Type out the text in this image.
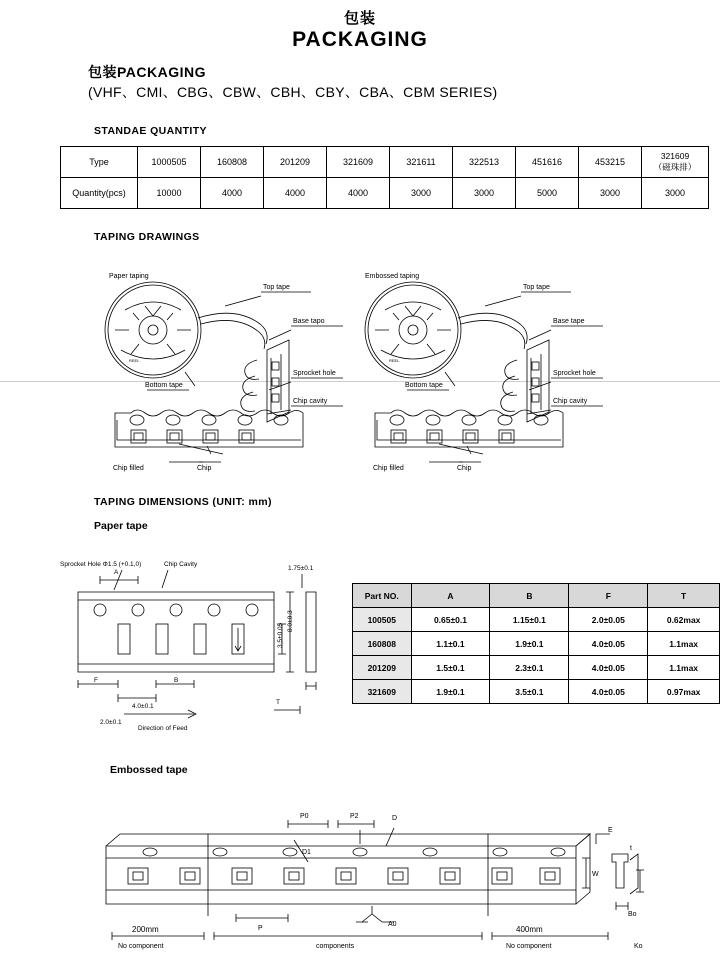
包装
PACKAGING
包装PACKAGING
(VHF、CMI、CBG、CBW、CBH、CBY、CBA、CBM SERIES)
STANDAE QUANTITY
Type	1000505	160808	201209	321609	321611	322513	451616	453215	321609
（磁珠排）

Quantity(pcs)	10000	4000	4000	4000	3000	3000	5000	3000	3000
TAPING DRAWINGS
Paper taping
Top tape
Base tapo
Sprocket hole
Chip cavity
Bottom tape
Chip filled	Chip
REEL
Embossed taping
Top tape
Base tape
Sprocket hole
Chip cavity
Bottom tape
Chip filled	Chip
REEL
TAPING DIMENSIONS (UNIT: mm)
Paper tape
Sprocket Hole Φ1.5 (+0.1,0)	Chip Cavity
1.75±0.1
A
8.0±0.3
3.5±0.05
F
4.0±0.1
2.0±0.1
B
T
Direction of Feed
Part NO.	A	B	F	T
100505	0.65±0.1	1.15±0.1	2.0±0.05	0.62max
160808	1.1±0.1	1.9±0.1	4.0±0.05	1.1max
201209	1.5±0.1	2.3±0.1	4.0±0.05	1.1max
321609	1.9±0.1	3.5±0.1	4.0±0.05	0.97max
Embossed tape
P0	P2	D
D1
P
E
W
t
A0
Bo
Ko
200mm
No component	components
400mm
No component
